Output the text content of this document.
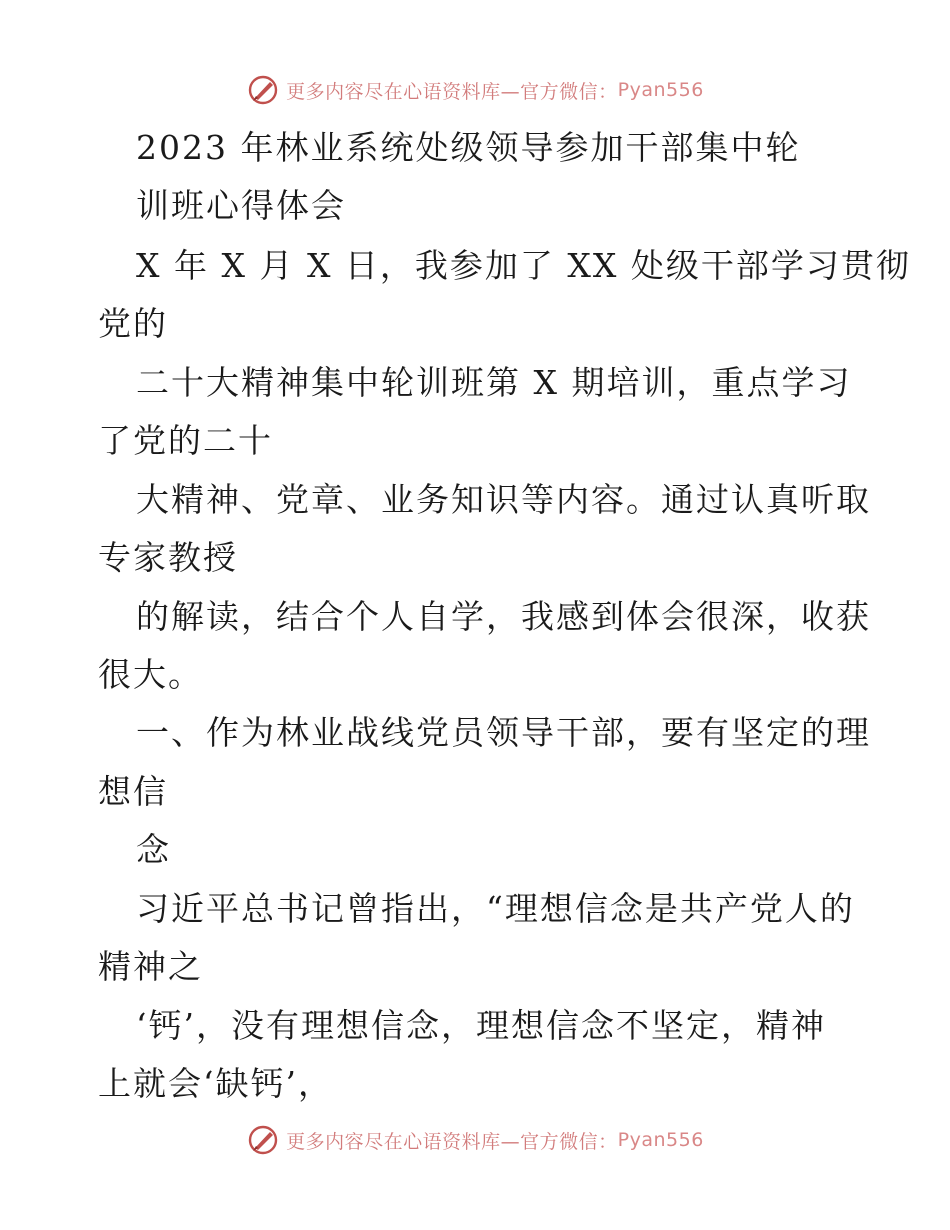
更多内容尽在心语资料库—官方微信： Pyan556
2023 年林业系统处级领导参加干部集中轮
训班心得体会
X 年 X 月 X 日，我参加了 XX 处级干部学习贯彻
党的
二十大精神集中轮训班第 X 期培训，重点学习
了党的二十
大精神、党章、业务知识等内容。通过认真听取
专家教授
的解读，结合个人自学，我感到体会很深，收获
很大。
一、作为林业战线党员领导干部，要有坚定的理
想信
念
习近平总书记曾指出，“理想信念是共产党人的
精神之
‘钙’，没有理想信念，理想信念不坚定，精神
上就会‘缺钙’，
更多内容尽在心语资料库—官方微信： Pyan556
